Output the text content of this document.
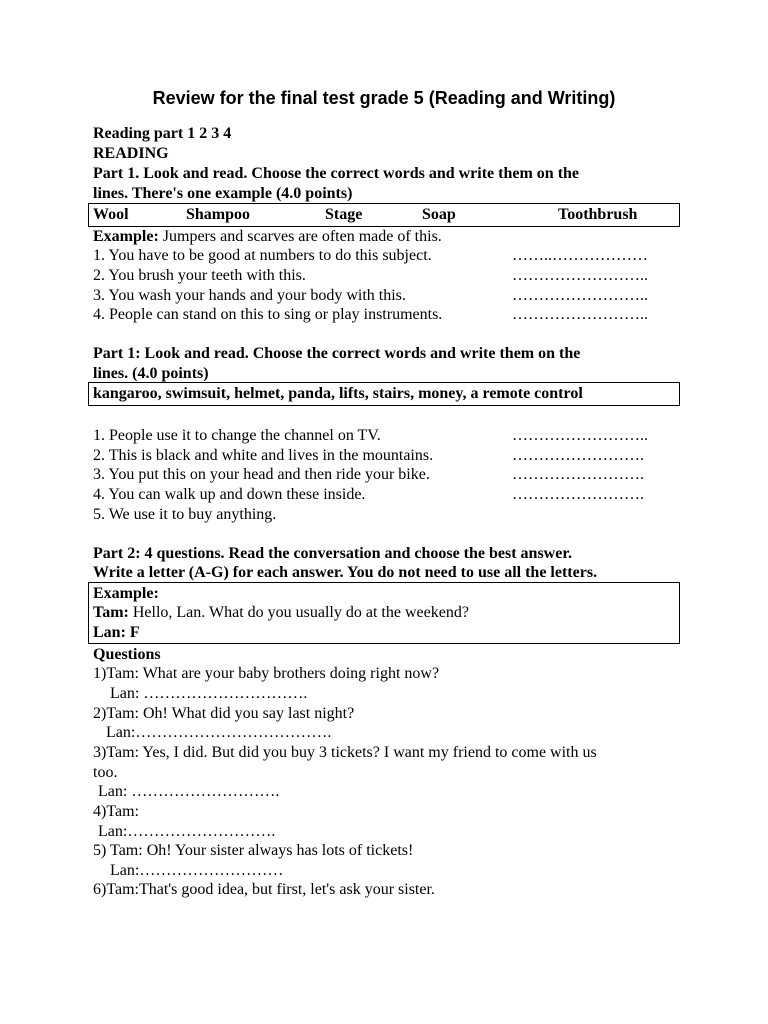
Review for the final test grade 5 (Reading and Writing)
Reading part 1 2 3 4
READING
Part 1. Look and read. Choose the correct words and write them on the
lines. There's one example (4.0 points)
Wool	Shampoo	Stage	Soap	Toothbrush
Example: Jumpers and scarves are often made of this.
1. You have to be good at numbers to do this subject.	……..………………
2. You brush your teeth with this.	……………………..
3. You wash your hands and your body with this.	……………………..
4. People can stand on this to sing or play instruments.	……………………..
Part 1: Look and read. Choose the correct words and write them on the
lines. (4.0 points)
kangaroo, swimsuit, helmet, panda, lifts, stairs, money, a remote control
1. People use it to change the channel on TV.	……………………..
2. This is black and white and lives in the mountains.	…………………….
3. You put this on your head and then ride your bike.	…………………….
4. You can walk up and down these inside.	…………………….
5. We use it to buy anything.
Part 2: 4 questions. Read the conversation and choose the best answer.
Write a letter (A-G) for each answer. You do not need to use all the letters.
Example:
Tam: Hello, Lan. What do you usually do at the weekend?
Lan: F
Questions
1)Tam: What are your baby brothers doing right now?
Lan: ………………………….
2)Tam: Oh! What did you say last night?
Lan:……………………………….
3)Tam: Yes, I did. But did you buy 3 tickets? I want my friend to come with us
too.
Lan: ……………………….
4)Tam:
Lan:……………………….
5) Tam: Oh! Your sister always has lots of tickets!
Lan:………………………
6)Tam:That's good idea, but first, let's ask your sister.
